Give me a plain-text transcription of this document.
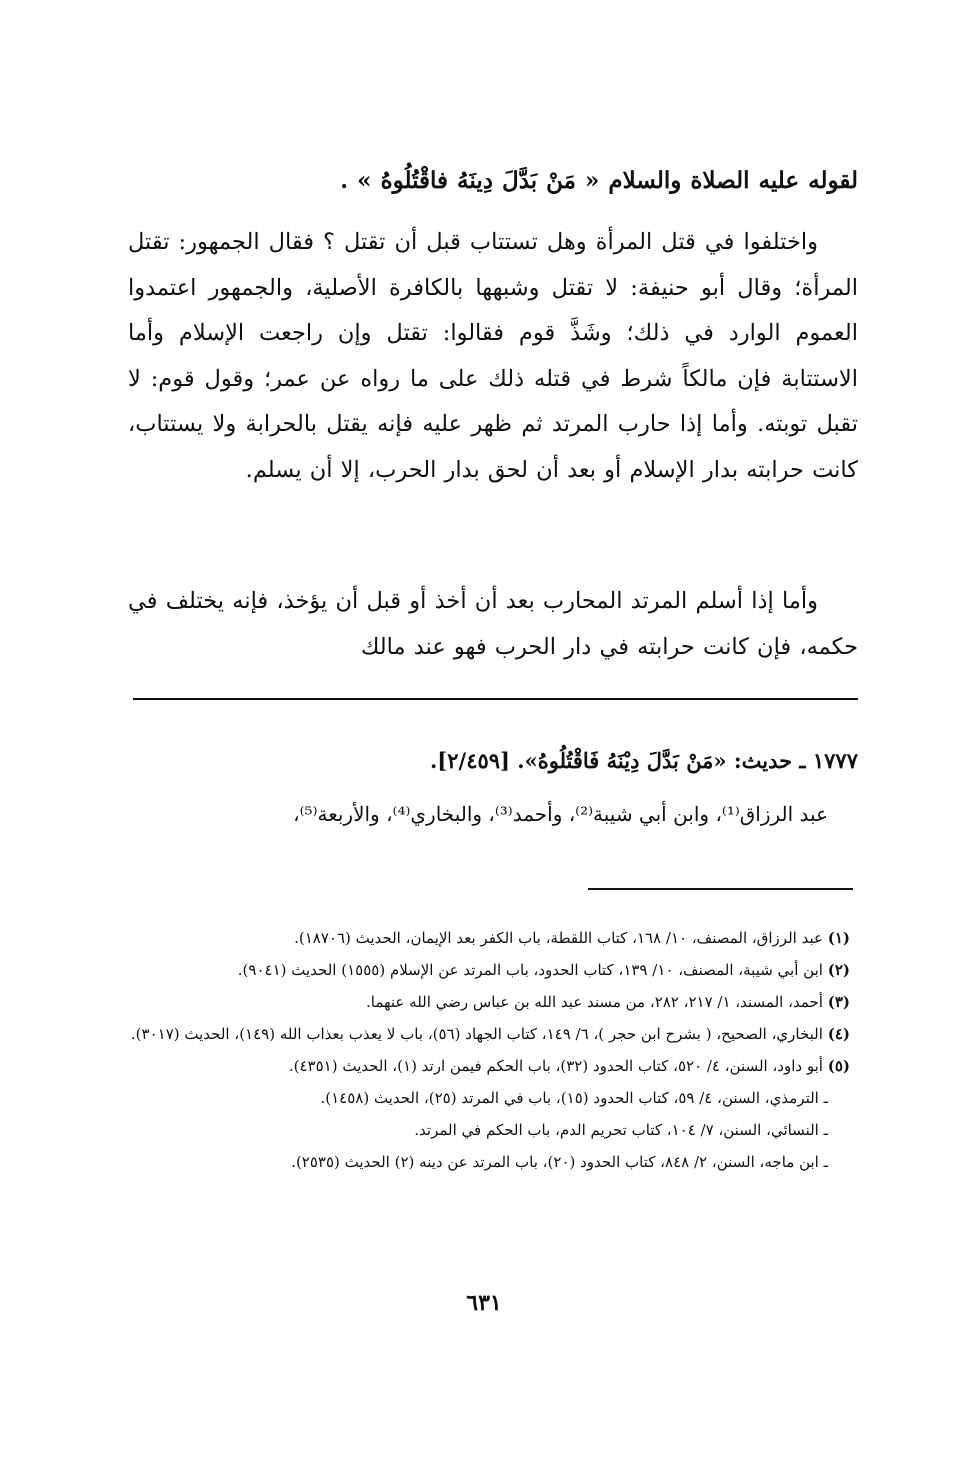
لقوله عليه الصلاة والسلام « مَنْ بَدَّلَ دِينَهُ فاقْتُلُوهُ » .
واختلفوا في قتل المرأة وهل تستتاب قبل أن تقتل ؟ فقال الجمهور: تقتل المرأة؛ وقال أبو حنيفة: لا تقتل وشبهها بالكافرة الأصلية، والجمهور اعتمدوا العموم الوارد في ذلك؛ وشَذَّ قوم فقالوا: تقتل وإن راجعت الإسلام وأما الاستتابة فإن مالكاً شرط في قتله ذلك على ما رواه عن عمر؛ وقول قوم: لا تقبل توبته. وأما إذا حارب المرتد ثم ظهر عليه فإنه يقتل بالحرابة ولا يستتاب، كانت حرابته بدار الإسلام أو بعد أن لحق بدار الحرب، إلا أن يسلم.
وأما إذا أسلم المرتد المحارب بعد أن أخذ أو قبل أن يؤخذ، فإنه يختلف في حكمه، فإن كانت حرابته في دار الحرب فهو عند مالك
١٧٧٧ ـ حديث: «مَنْ بَدَّلَ دِيْنَهُ فَاقْتُلُوهُ». [٢/٤٥٩].
عبد الرزاق⁽¹⁾، وابن أبي شيبة⁽²⁾، وأحمد⁽³⁾، والبخاري⁽⁴⁾، والأربعة⁽⁵⁾،

(١) عبد الرزاق، المصنف، ١٠/ ١٦٨، كتاب اللقطة، باب الكفر بعد الإيمان، الحديث (١٨٧٠٦).

(٢) ابن أبي شيبة، المصنف، ١٠/ ١٣٩، كتاب الحدود، باب المرتد عن الإسلام (١٥٥٥) الحديث (٩٠٤١).

(٣) أحمد، المسند، ١/ ٢١٧، ٢٨٢، من مسند عبد الله بن عباس رضي الله عنهما.

(٤) البخاري، الصحيح، ( بشرح ابن حجر )، ٦/ ١٤٩، كتاب الجهاد (٥٦)، باب لا يعذب بعذاب الله (١٤٩)، الحديث (٣٠١٧).

(٥) أبو داود، السنن، ٤/ ٥٢٠، كتاب الحدود (٣٢)، باب الحكم فيمن ارتد (١)، الحديث (٤٣٥١).

ـ الترمذي، السنن، ٤/ ٥٩، كتاب الحدود (١٥)، باب في المرتد (٢٥)، الحديث (١٤٥٨).

ـ النسائي، السنن، ٧/ ١٠٤، كتاب تحريم الدم، باب الحكم في المرتد.

ـ ابن ماجه، السنن، ٢/ ٨٤٨، كتاب الحدود (٢٠)، باب المرتد عن دينه (٢) الحديث (٢٥٣٥).

٦٣١
